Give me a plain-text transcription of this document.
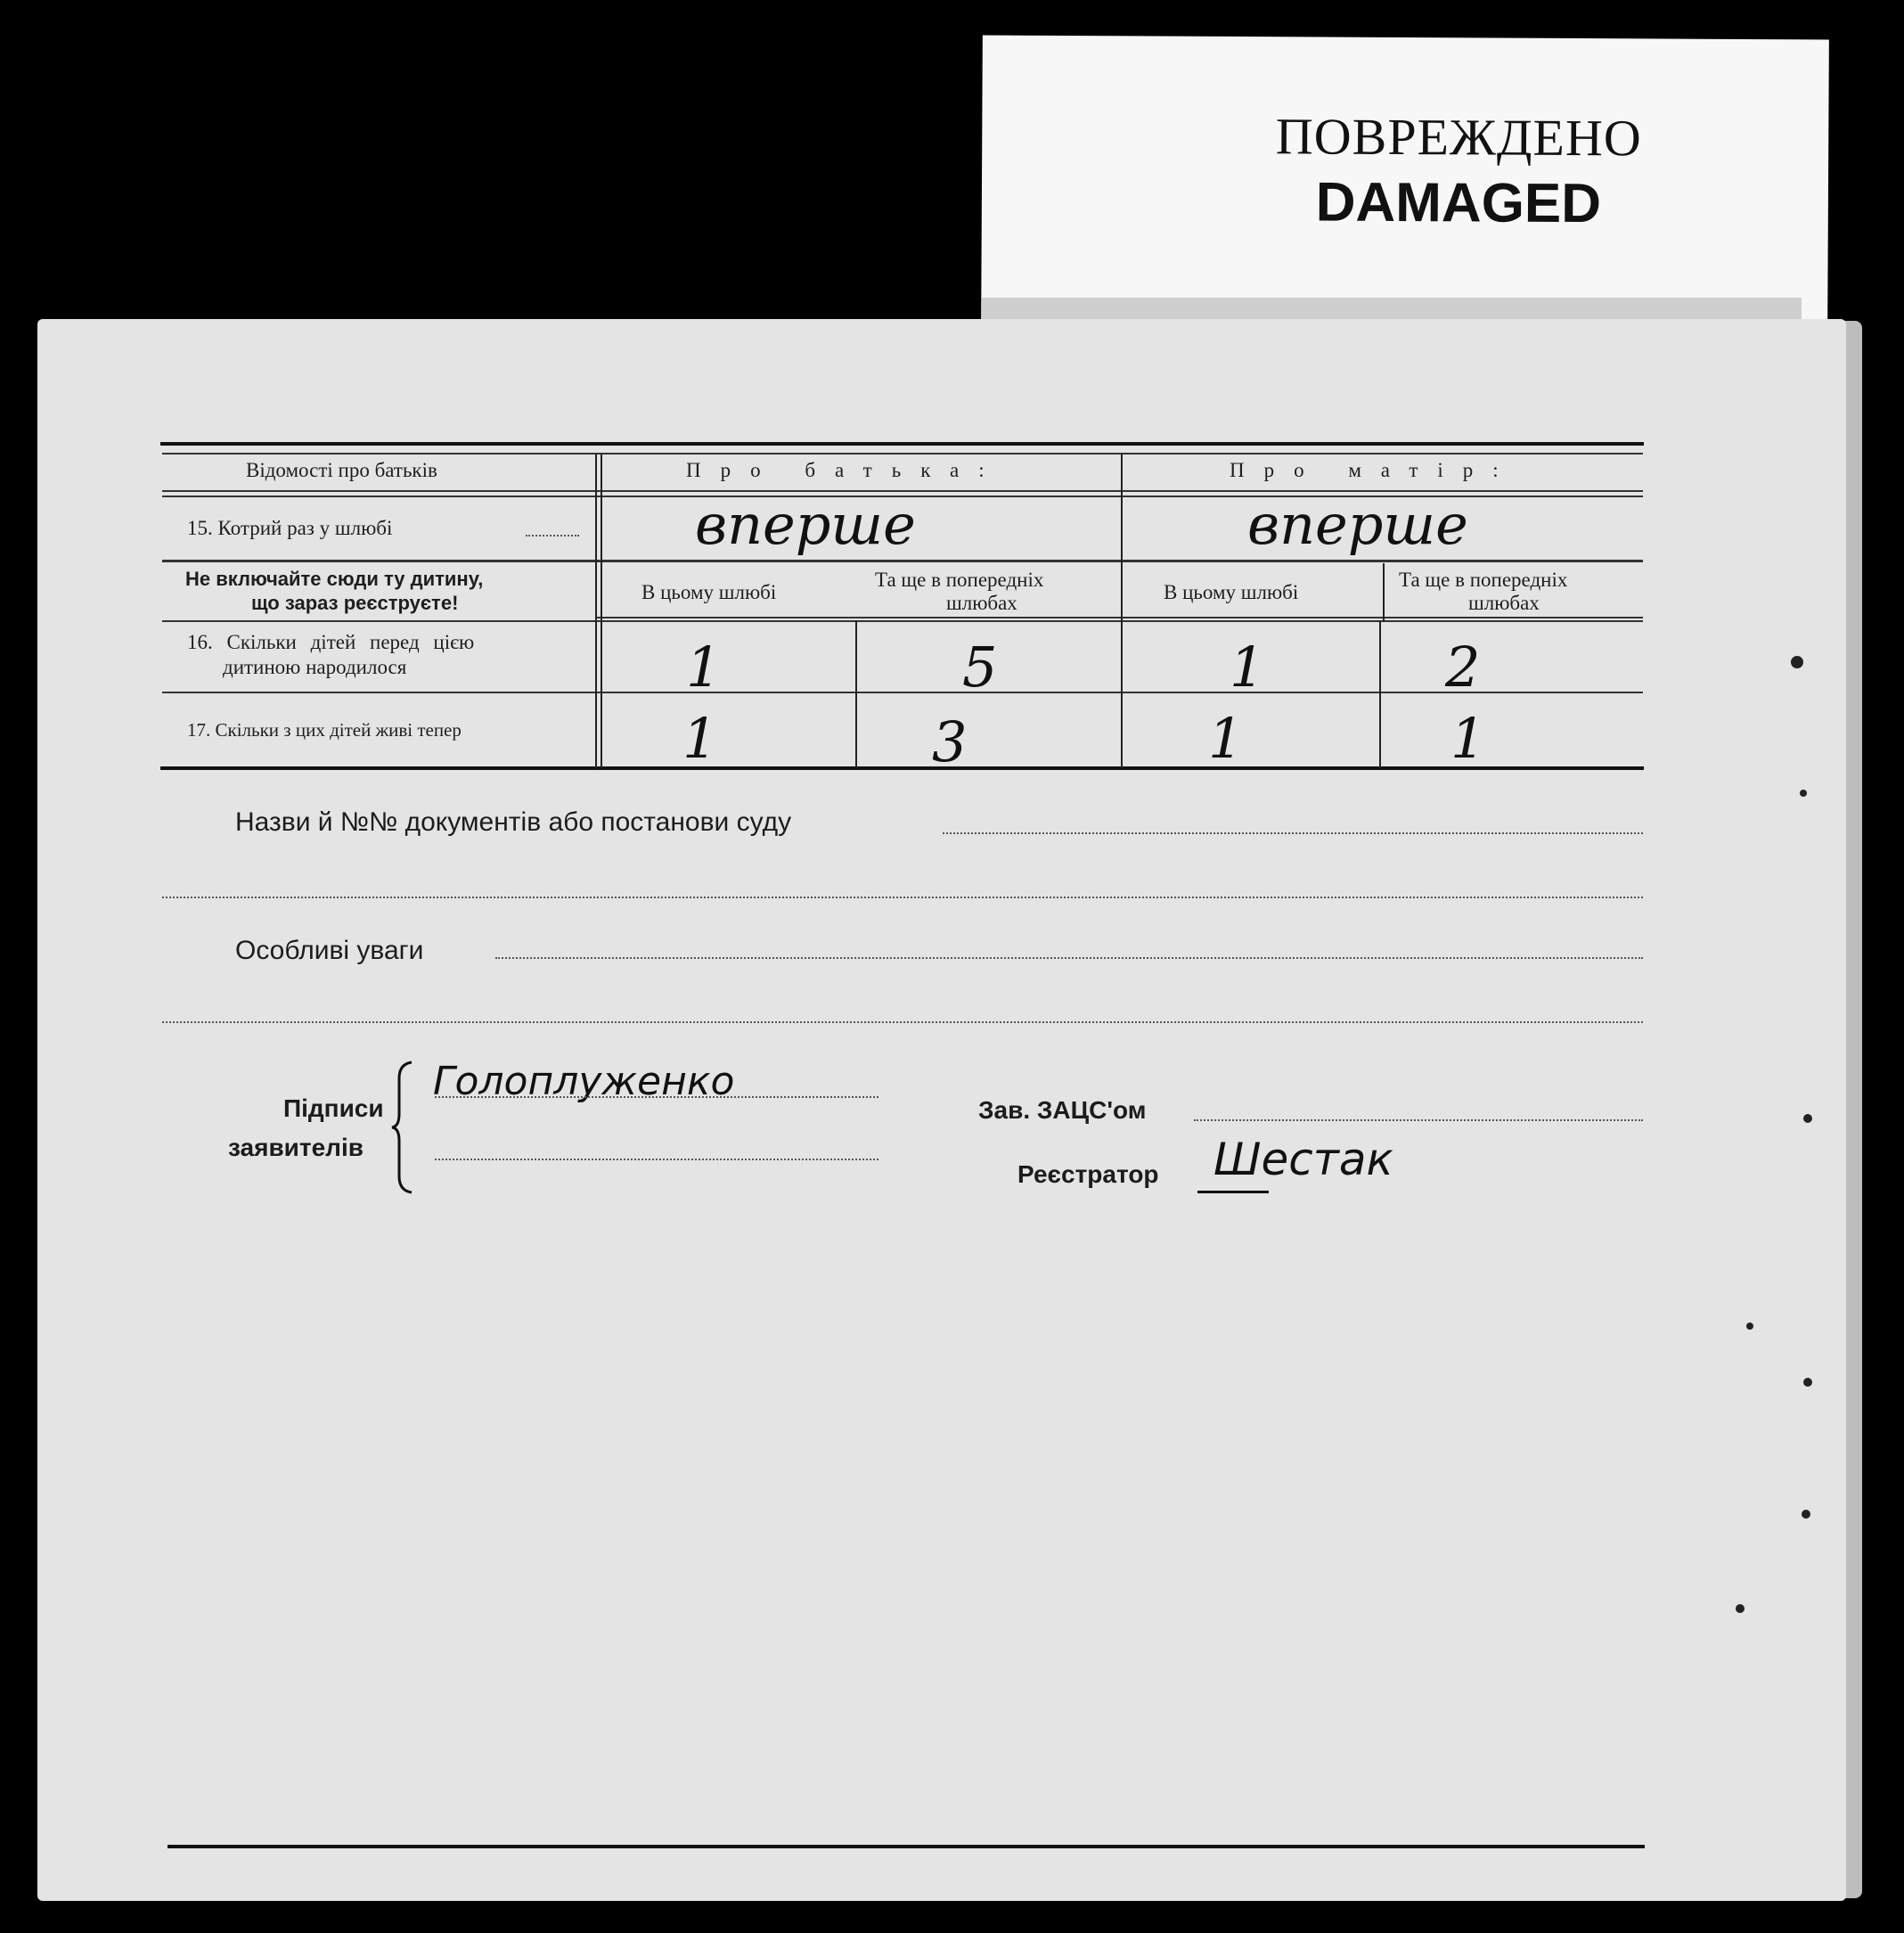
ПОВРЕЖДЕНО
DAMAGED
Відомості про батьків	Про батька:	Про матір:
15. Котрий раз у шлюбі	вперше	вперше
Не включайте сюди ту дитину,
що зараз реєструєте!	В цьому шлюбі
Та ще в попередніх
шлюбах	В цьому шлюбі
Та ще в попередніх
шлюбах
16. Скільки дітей перед цією
дитиною народилося	1	5	1	2
17. Скільки з цих дітей живі тепер	1	3	1	1
Назви й №№ документів або постанови суду
Особливі уваги
Підписи
заявителів
Голоплуженко
Зав. ЗАЦС'ом
Реєстратор Шестак
